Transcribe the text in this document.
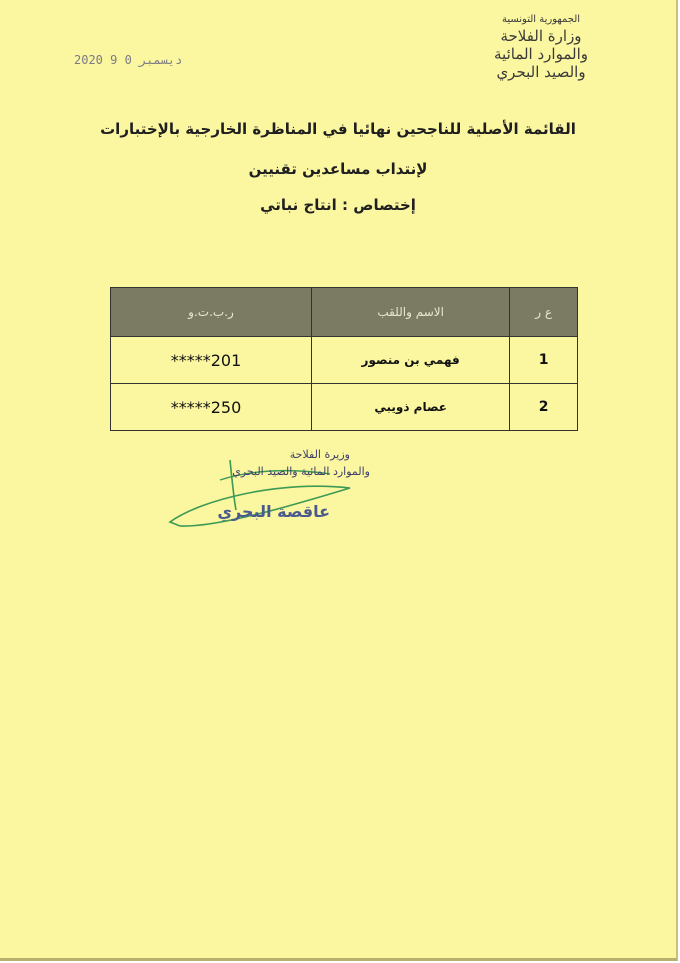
2020 9 0 ديسمبر
الجمهورية التونسية
وزارة الفلاحة
والموارد المائية والصيد البحري
القائمة الأصلية للناجحين نهائيا في المناظرة الخارجية بالإختبارات
لإنتداب مساعدين تقنيين
إختصاص : انتاج نباتي
ع ر	الاسم واللقب	ر.ب.ت.و
1	فهمي بن منصور	*****201
2	عصام ذويبي	*****250
وزيرة الفلاحة
والموارد المائية والصيد البحري
عاقصة البحري
